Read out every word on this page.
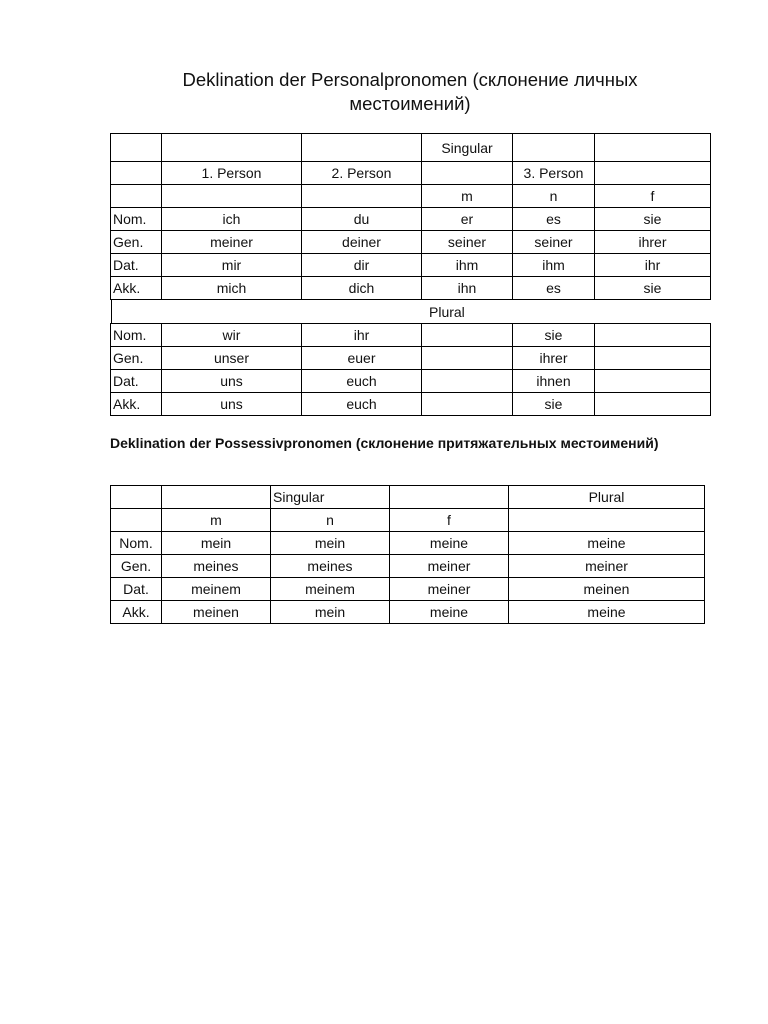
Deklination der Personalpronomen (склонение личных местоимений)
			Singular		
	1. Person	2. Person		3. Person	
			m	n	f
Nom.	ich	du	er	es	sie
Gen.	meiner	deiner	seiner	seiner	ihrer
Dat.	mir	dir	ihm	ihm	ihr
Akk.	mich	dich	ihn	es	sie

		Plural		

Nom.	wir	ihr		sie	
Gen.	unser	euer		ihrer	
Dat.	uns	euch		ihnen	
Akk.	uns	euch		sie	
Deklination der Possessivpronomen (склонение притяжательных местоимений)
		Singular		Plural
	m	n	f	
Nom.	mein	mein	meine	meine
Gen.	meines	meines	meiner	meiner
Dat.	meinem	meinem	meiner	meinen
Akk.	meinen	mein	meine	meine
